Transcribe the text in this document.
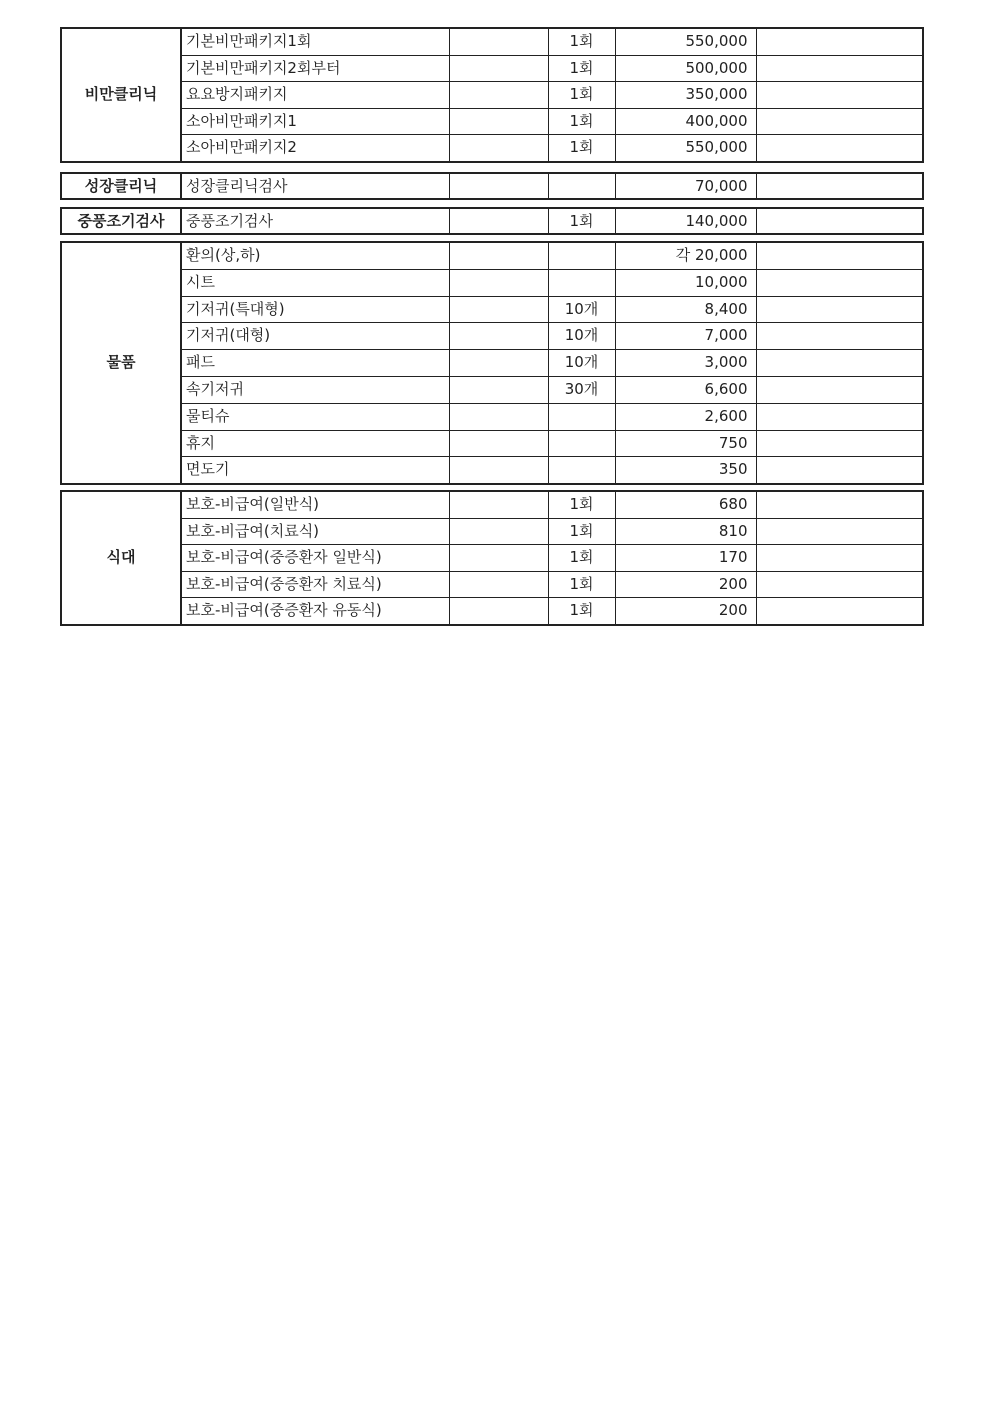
비만클리닉	기본비만패키지1회		1회	550,000	
	기본비만패키지2회부터		1회	500,000	
	요요방지패키지		1회	350,000	
	소아비만패키지1		1회	400,000	
	소아비만패키지2		1회	550,000	
성장클리닉	성장클리닉검사			70,000	
중풍조기검사	중풍조기검사		1회	140,000	
물품	환의(상,하)			각 20,000	
	시트			10,000	
	기저귀(특대형)		10개	8,400	
	기저귀(대형)		10개	7,000	
	패드		10개	3,000	
	속기저귀		30개	6,600	
	물티슈			2,600	
	휴지			750	
	면도기			350	
식대	보호-비급여(일반식)		1회	680	
	보호-비급여(치료식)		1회	810	
	보호-비급여(중증환자 일반식)		1회	170	
	보호-비급여(중증환자 치료식)		1회	200	
	보호-비급여(중증환자 유동식)		1회	200	
